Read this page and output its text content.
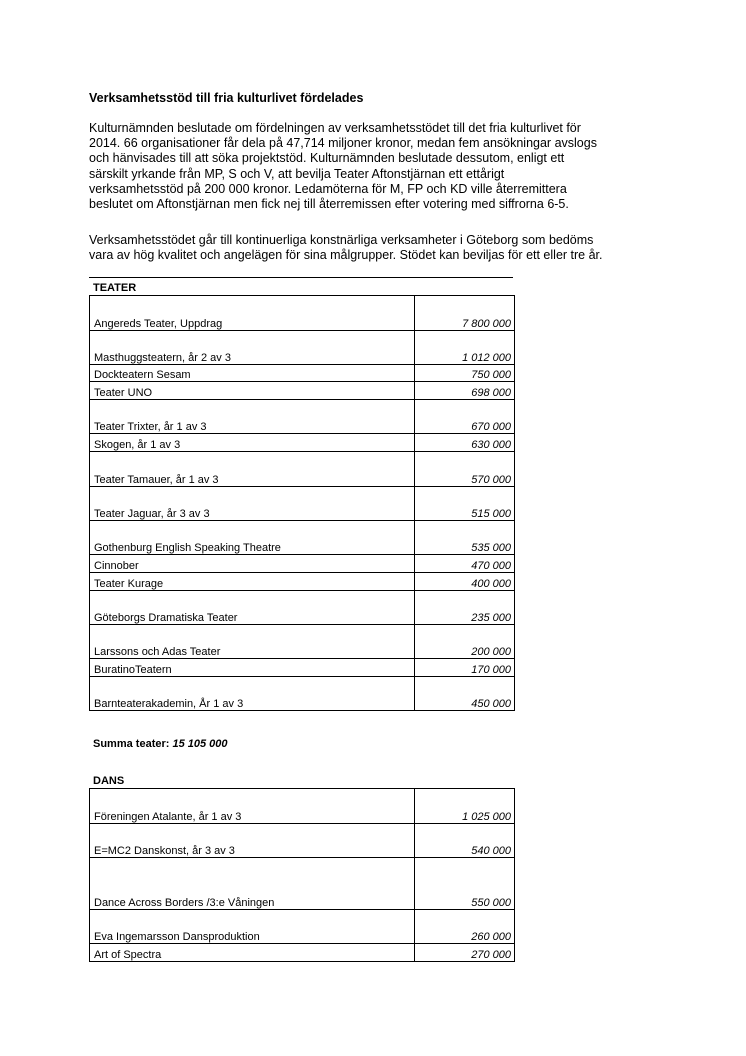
Verksamhetsstöd till fria kulturlivet fördelades

Kulturnämnden beslutade om fördelningen av verksamhetsstödet till det fria kulturlivet för
2014. 66 organisationer får dela på 47,714 miljoner kronor, medan fem ansökningar avslogs
och hänvisades till att söka projektstöd. Kulturnämnden beslutade dessutom, enligt ett
särskilt yrkande från MP, S och V, att bevilja Teater Aftonstjärnan ett ettårigt
verksamhetsstöd på 200 000 kronor. Ledamöterna för M, FP och KD ville återremittera
beslutet om Aftonstjärnan men fick nej till återremissen efter votering med siffrorna 6-5.

Verksamhetsstödet går till kontinuerliga konstnärliga verksamheter i Göteborg som bedöms
vara av hög kvalitet och angelägen för sina målgrupper. Stödet kan beviljas för ett eller tre år.

TEATER
Angereds Teater, Uppdrag	7 800 000
Masthuggsteatern, år 2 av 3	1 012 000
Dockteatern Sesam	750 000
Teater UNO	698 000
Teater Trixter, år 1 av 3	670 000
Skogen, år 1 av 3	630 000
Teater Tamauer, år 1 av 3	570 000
Teater Jaguar, år 3 av 3	515 000
Gothenburg English Speaking Theatre	535 000
Cinnober	470 000
Teater Kurage	400 000
Göteborgs Dramatiska Teater	235 000
Larssons och Adas Teater	200 000
BuratinoTeatern	170 000
Barnteaterakademin, År 1 av 3	450 000
Summa teater: 15 105 000
DANS
Föreningen Atalante, år 1 av 3	1 025 000
E=MC2 Danskonst, år 3 av 3	540 000
Dance Across Borders /3:e Våningen	550 000
Eva Ingemarsson Dansproduktion	260 000
Art of Spectra	270 000
